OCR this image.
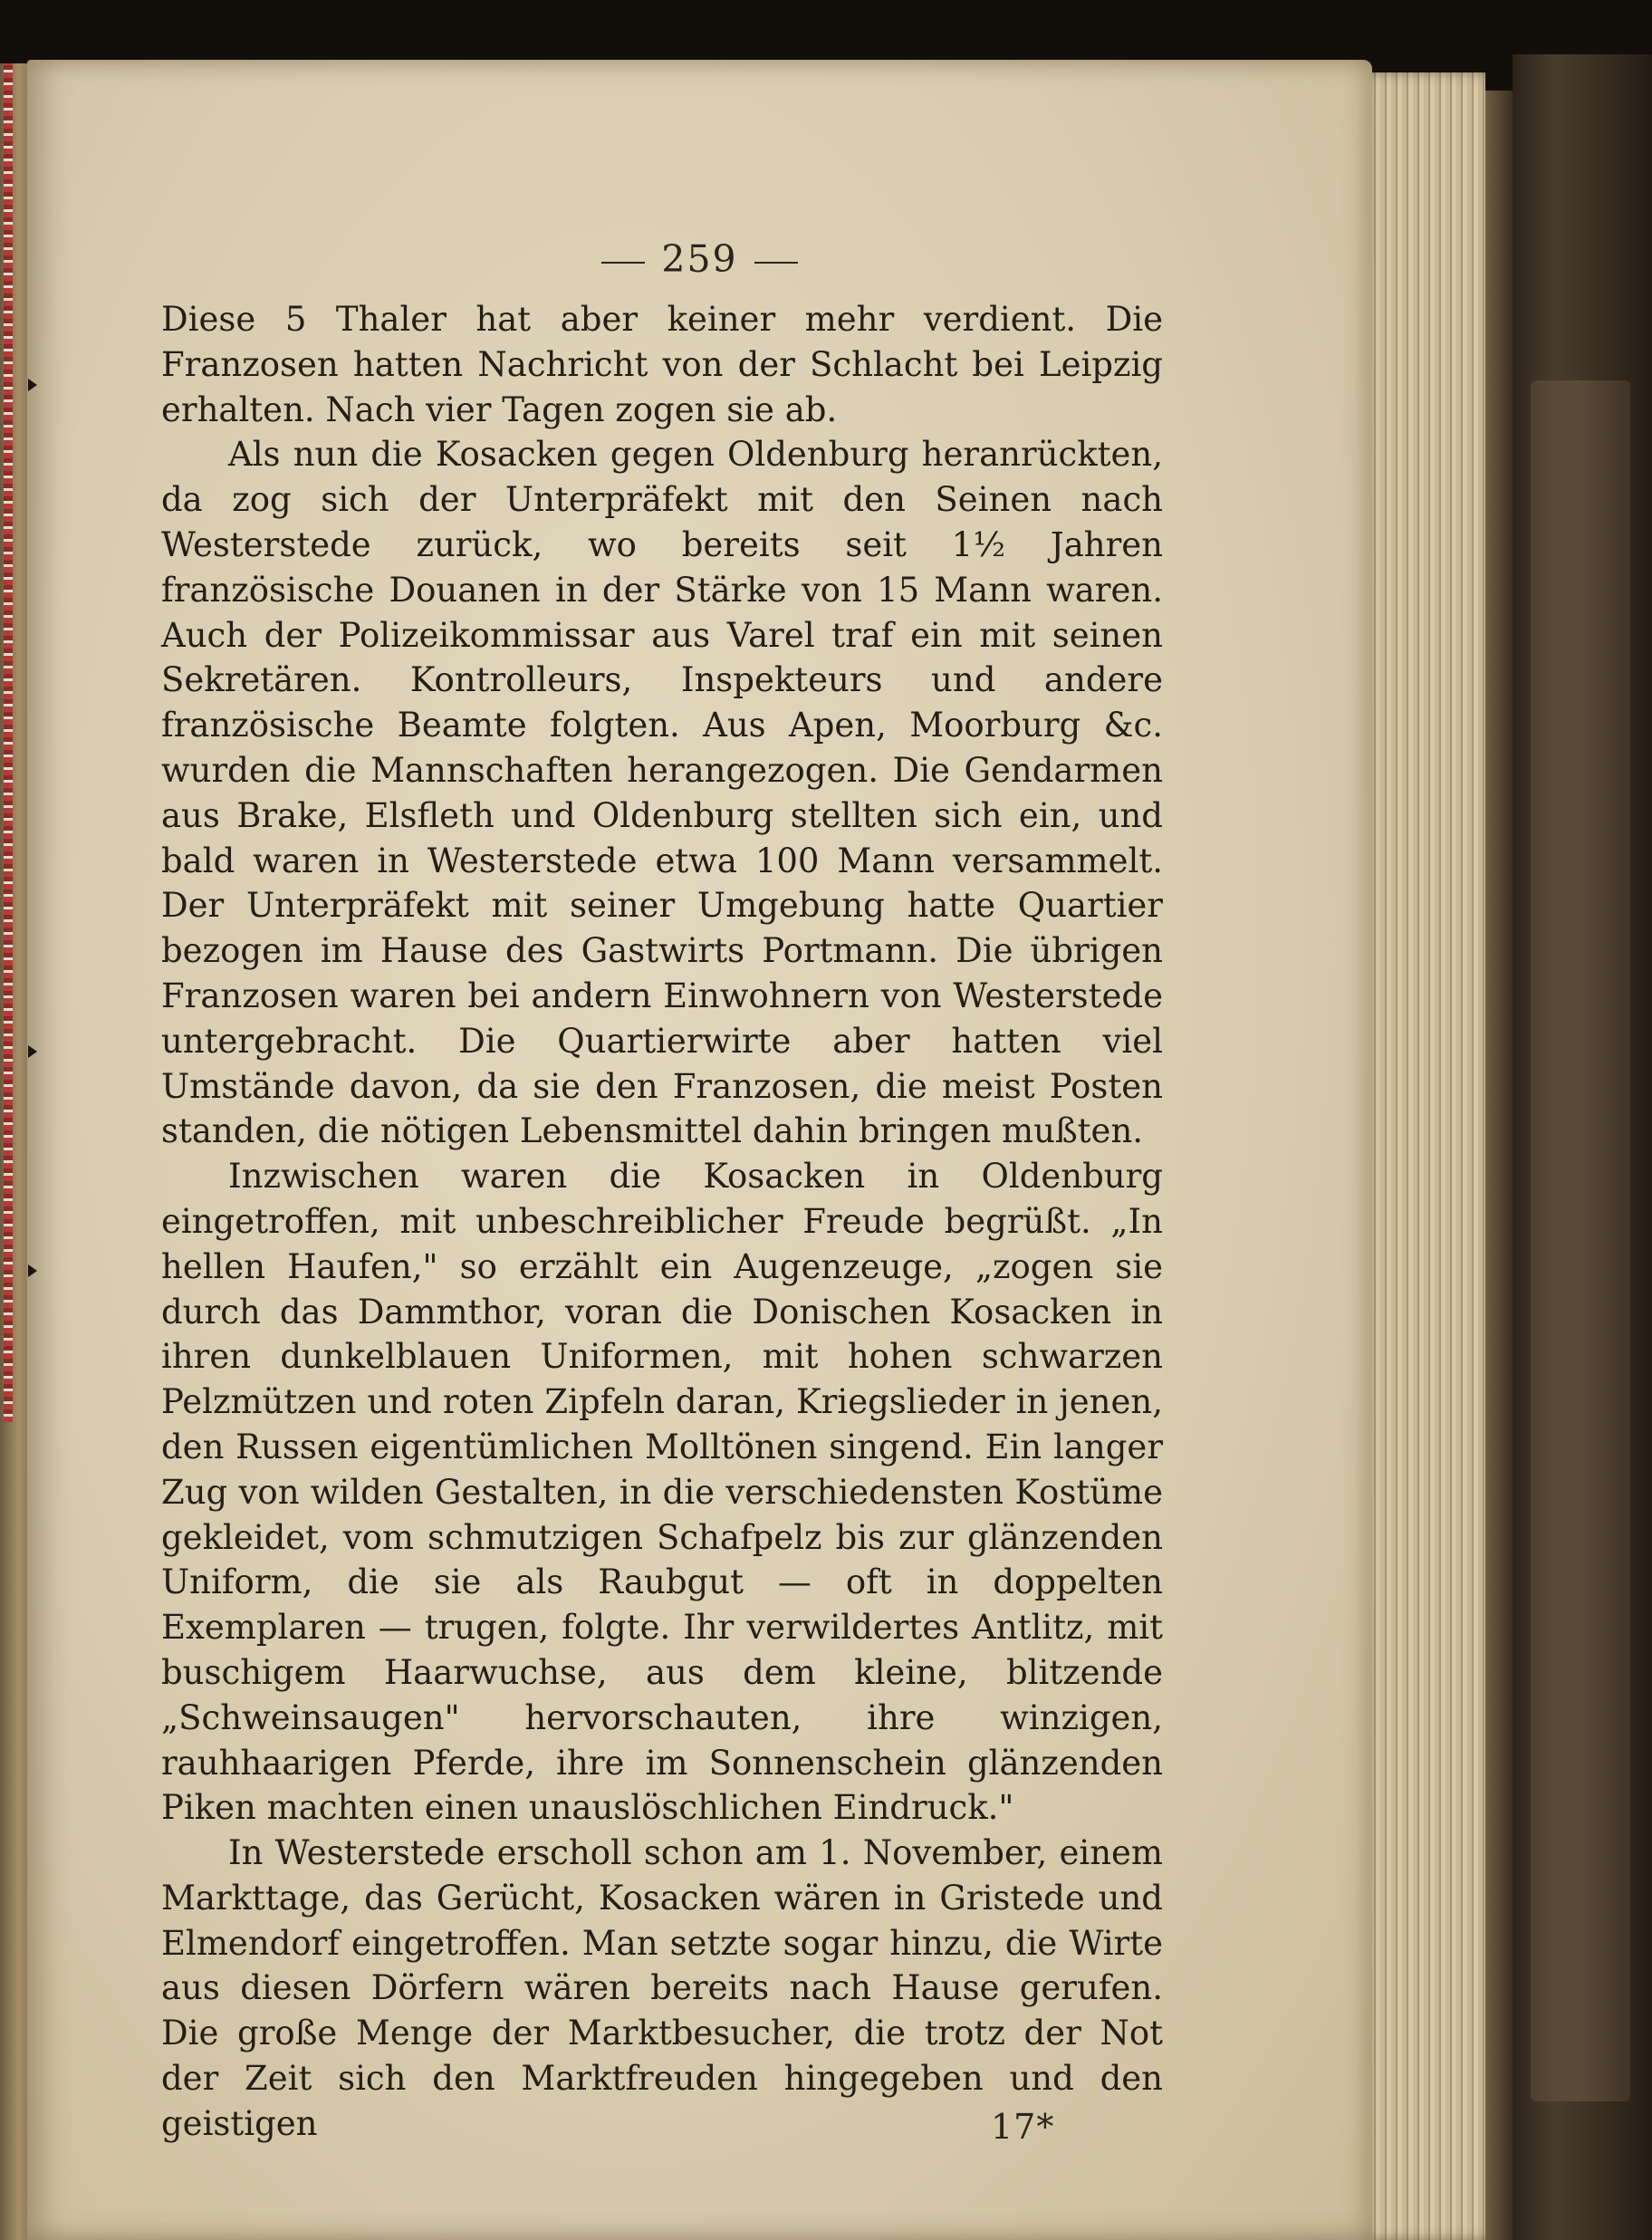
259

Diese 5 Thaler hat aber keiner mehr verdient. Die Franzosen hatten Nachricht von der Schlacht bei Leipzig erhalten. Nach vier Tagen zogen sie ab.

Als nun die Kosacken gegen Oldenburg heranrückten, da zog sich der Unterpräfekt mit den Seinen nach Westerstede zurück, wo bereits seit 1½ Jahren französische Douanen in der Stärke von 15 Mann waren. Auch der Polizeikommissar aus Varel traf ein mit seinen Sekretären. Kontrolleurs, Inspekteurs und andere französische Beamte folgten. Aus Apen, Moorburg &c. wurden die Mannschaften herangezogen. Die Gendarmen aus Brake, Elsfleth und Oldenburg stellten sich ein, und bald waren in Westerstede etwa 100 Mann versammelt. Der Unterpräfekt mit seiner Umgebung hatte Quartier bezogen im Hause des Gastwirts Portmann. Die übrigen Franzosen waren bei andern Einwohnern von Westerstede untergebracht. Die Quartierwirte aber hatten viel Umstände davon, da sie den Franzosen, die meist Posten standen, die nötigen Lebensmittel dahin bringen mußten.

Inzwischen waren die Kosacken in Oldenburg eingetroffen, mit unbeschreiblicher Freude begrüßt. „In hellen Haufen," so erzählt ein Augenzeuge, „zogen sie durch das Dammthor, voran die Donischen Kosacken in ihren dunkelblauen Uniformen, mit hohen schwarzen Pelzmützen und roten Zipfeln daran, Kriegslieder in jenen, den Russen eigentümlichen Molltönen singend. Ein langer Zug von wilden Gestalten, in die verschiedensten Kostüme gekleidet, vom schmutzigen Schafpelz bis zur glänzenden Uniform, die sie als Raubgut — oft in doppelten Exemplaren — trugen, folgte. Ihr verwildertes Antlitz, mit buschigem Haarwuchse, aus dem kleine, blitzende „Schweinsaugen" hervorschauten, ihre winzigen, rauhhaarigen Pferde, ihre im Sonnenschein glänzenden Piken machten einen unauslöschlichen Eindruck."

In Westerstede erscholl schon am 1. November, einem Markttage, das Gerücht, Kosacken wären in Gristede und Elmendorf eingetroffen. Man setzte sogar hinzu, die Wirte aus diesen Dörfern wären bereits nach Hause gerufen. Die große Menge der Marktbesucher, die trotz der Not der Zeit sich den Marktfreuden hingegeben und den geistigen	17*
